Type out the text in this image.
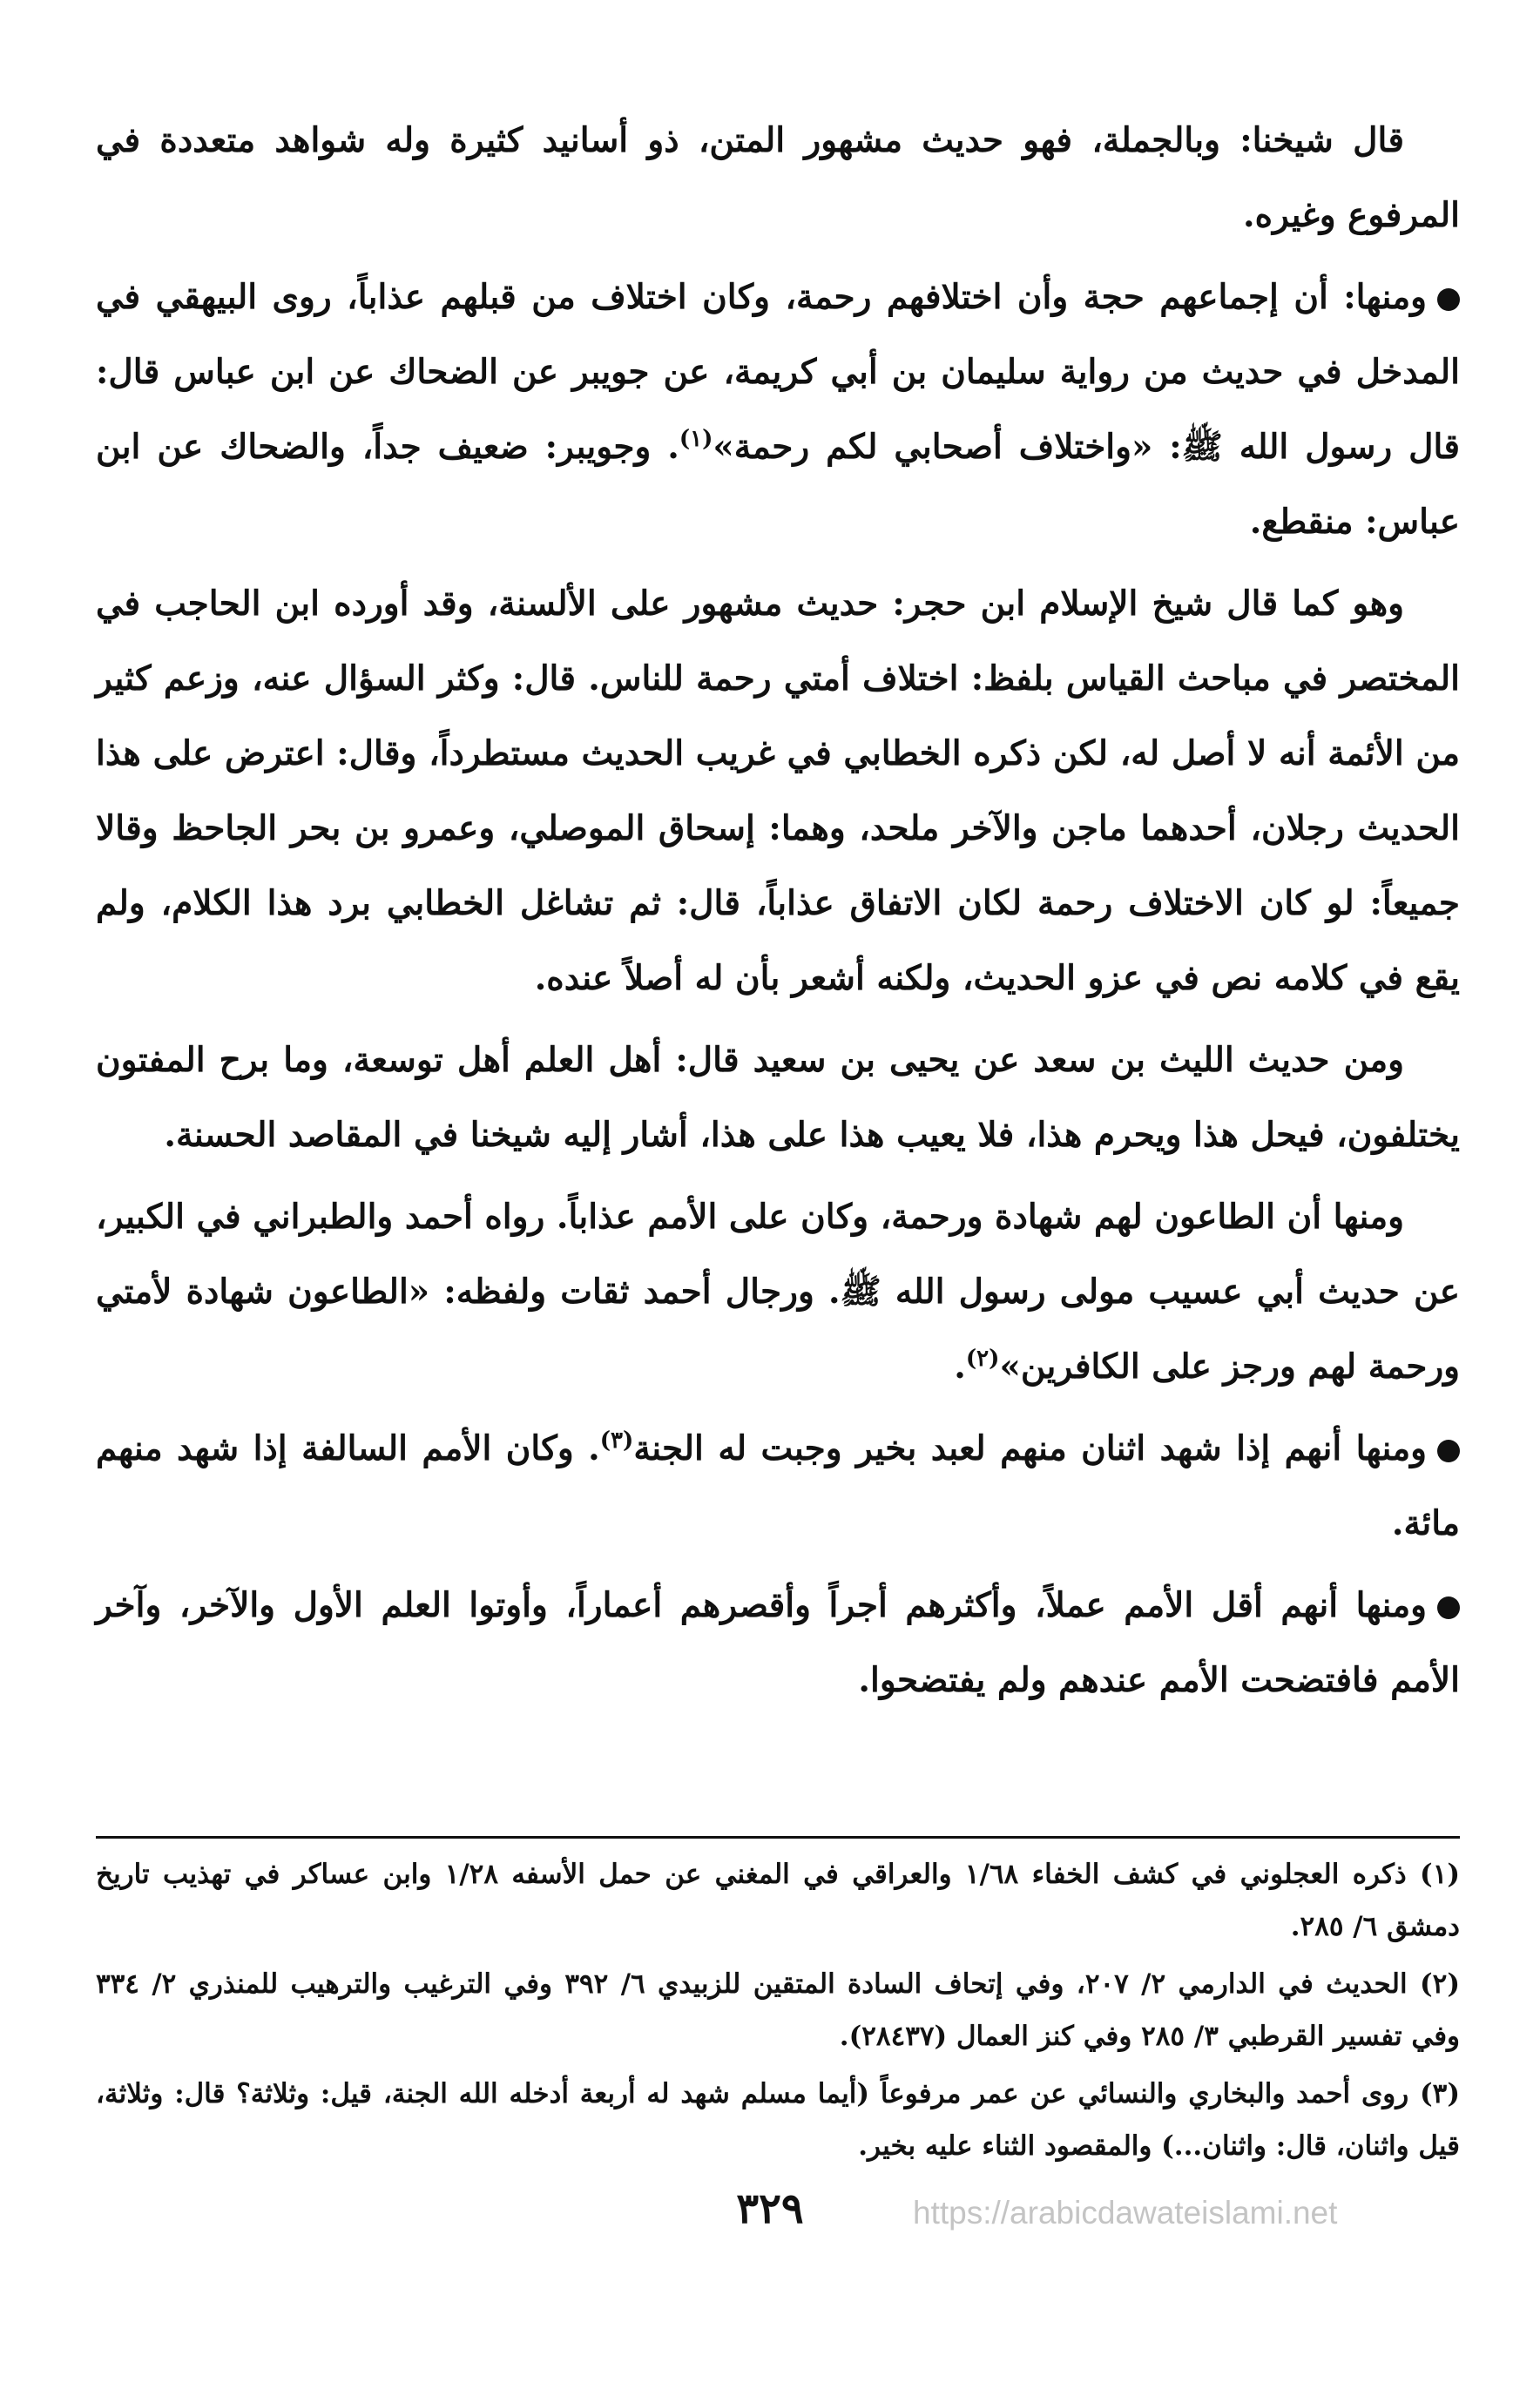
قال شيخنا: وبالجملة، فهو حديث مشهور المتن، ذو أسانيد كثيرة وله شواهد متعددة في المرفوع وغيره.

ومنها: أن إجماعهم حجة وأن اختلافهم رحمة، وكان اختلاف من قبلهم عذاباً، روى البيهقي في المدخل في حديث من رواية سليمان بن أبي كريمة، عن جويبر عن الضحاك عن ابن عباس قال: قال رسول الله ﷺ: «واختلاف أصحابي لكم رحمة»$^{(١)}$. وجويبر: ضعيف جداً، والضحاك عن ابن عباس: منقطع.

وهو كما قال شيخ الإسلام ابن حجر: حديث مشهور على الألسنة، وقد أورده ابن الحاجب في المختصر في مباحث القياس بلفظ: اختلاف أمتي رحمة للناس. قال: وكثر السؤال عنه، وزعم كثير من الأئمة أنه لا أصل له، لكن ذكره الخطابي في غريب الحديث مستطرداً، وقال: اعترض على هذا الحديث رجلان، أحدهما ماجن والآخر ملحد، وهما: إسحاق الموصلي، وعمرو بن بحر الجاحظ وقالا جميعاً: لو كان الاختلاف رحمة لكان الاتفاق عذاباً، قال: ثم تشاغل الخطابي برد هذا الكلام، ولم يقع في كلامه نص في عزو الحديث، ولكنه أشعر بأن له أصلاً عنده.

ومن حديث الليث بن سعد عن يحيى بن سعيد قال: أهل العلم أهل توسعة، وما برح المفتون يختلفون، فيحل هذا ويحرم هذا، فلا يعيب هذا على هذا، أشار إليه شيخنا في المقاصد الحسنة.

ومنها أن الطاعون لهم شهادة ورحمة، وكان على الأمم عذاباً. رواه أحمد والطبراني في الكبير، عن حديث أبي عسيب مولى رسول الله ﷺ. ورجال أحمد ثقات ولفظه: «الطاعون شهادة لأمتي ورحمة لهم ورجز على الكافرين»$^{(٢)}$.

ومنها أنهم إذا شهد اثنان منهم لعبد بخير وجبت له الجنة$^{(٣)}$. وكان الأمم السالفة إذا شهد منهم مائة.

ومنها أنهم أقل الأمم عملاً، وأكثرهم أجراً وأقصرهم أعماراً، وأوتوا العلم الأول والآخر، وآخر الأمم فافتضحت الأمم عندهم ولم يفتضحوا.

(١) ذكره العجلوني في كشف الخفاء ١/٦٨ والعراقي في المغني عن حمل الأسفه ١/٢٨ وابن عساكر في تهذيب تاريخ دمشق ٦/ ٢٨٥.

(٢) الحديث في الدارمي ٢/ ٢٠٧، وفي إتحاف السادة المتقين للزبيدي ٦/ ٣٩٢ وفي الترغيب والترهيب للمنذري ٢/ ٣٣٤ وفي تفسير القرطبي ٣/ ٢٨٥ وفي كنز العمال (٢٨٤٣٧).

(٣) روى أحمد والبخاري والنسائي عن عمر مرفوعاً (أيما مسلم شهد له أربعة أدخله الله الجنة، قيل: وثلاثة؟ قال: وثلاثة، قيل واثنان، قال: واثنان...) والمقصود الثناء عليه بخير.

٣٢٩	https://arabicdawateislami.net
